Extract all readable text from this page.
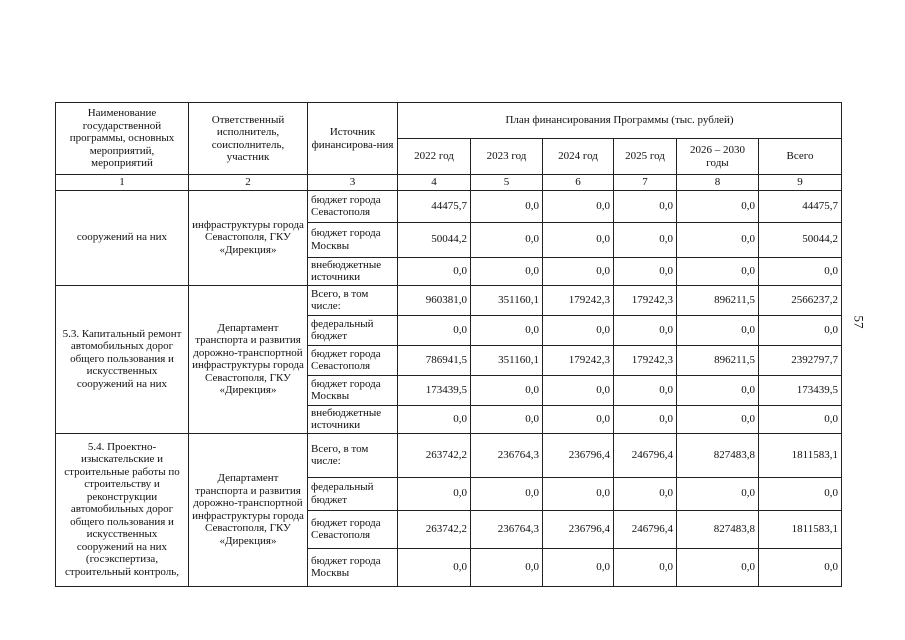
57
Наименование государственной программы, основных мероприятий, мероприятий	Ответственный исполнитель, соисполнитель, участник	Источник финансирова-ния	План финансирования Программы (тыс. рублей)					
			2022 год	2023 год	2024 год	2025 год	2026 – 2030 годы	Всего
1	2	3	4	5	6	7	8	9
сооружений на них	инфраструктуры города Севастополя, ГКУ «Дирекция»	бюджет города Севастополя	44475,7	0,0	0,0	0,0	0,0	44475,7
		бюджет города Москвы	50044,2	0,0	0,0	0,0	0,0	50044,2
		внебюджетные источники	0,0	0,0	0,0	0,0	0,0	0,0
5.3. Капитальный ремонт автомобильных дорог общего пользования и искусственных сооружений на них	Департамент транспорта и развития дорожно-транспортной инфраструктуры города Севастополя, ГКУ «Дирекция»	Всего, в том числе:	960381,0	351160,1	179242,3	179242,3	896211,5	2566237,2
		федеральный бюджет	0,0	0,0	0,0	0,0	0,0	0,0
		бюджет города Севастополя	786941,5	351160,1	179242,3	179242,3	896211,5	2392797,7
		бюджет города Москвы	173439,5	0,0	0,0	0,0	0,0	173439,5
		внебюджетные источники	0,0	0,0	0,0	0,0	0,0	0,0
5.4. Проектно-изыскательские и строительные работы по строительству и реконструкции автомобильных дорог общего пользования и искусственных сооружений на них (госэкспертиза, строительный контроль,	Департамент транспорта и развития дорожно-транспортной инфраструктуры города Севастополя, ГКУ «Дирекция»	Всего, в том числе:	263742,2	236764,3	236796,4	246796,4	827483,8	1811583,1
		федеральный бюджет	0,0	0,0	0,0	0,0	0,0	0,0
		бюджет города Севастополя	263742,2	236764,3	236796,4	246796,4	827483,8	1811583,1
		бюджет города Москвы	0,0	0,0	0,0	0,0	0,0	0,0
